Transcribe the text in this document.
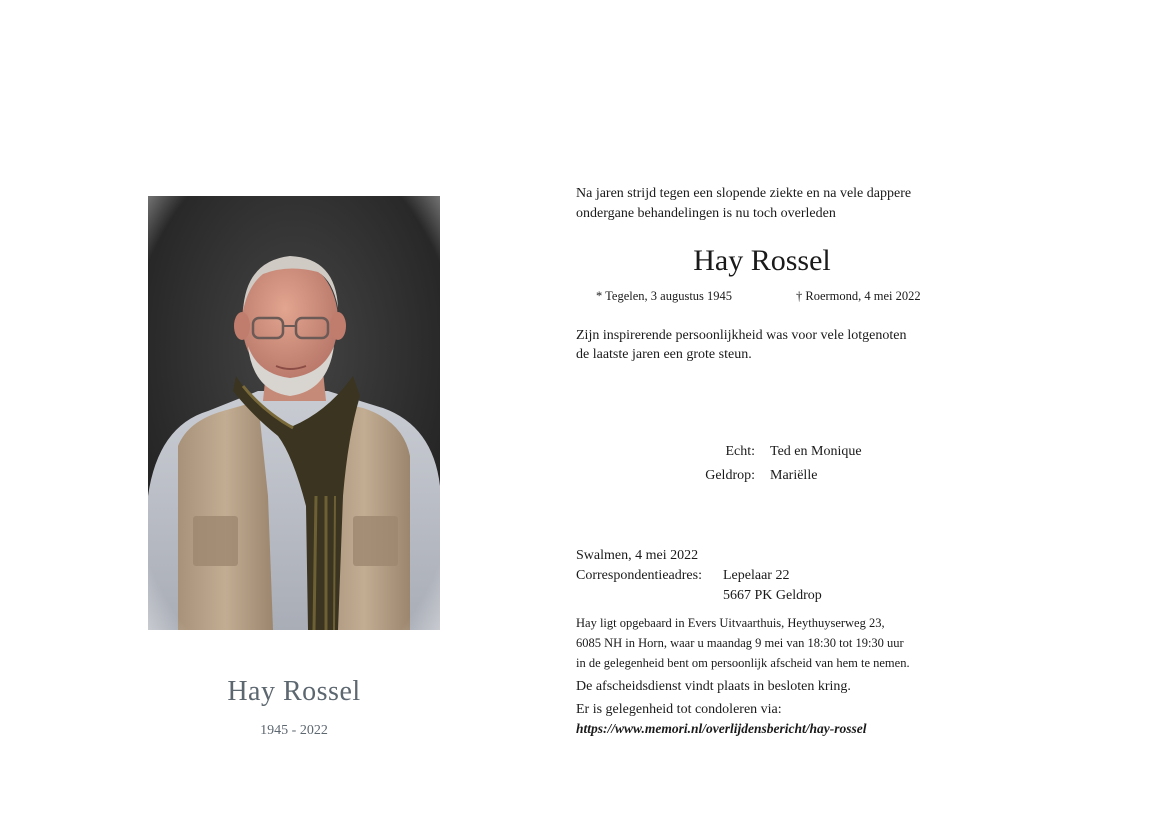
Hay Rossel
1945 - 2022
Na jaren strijd tegen een slopende ziekte en na vele dappere
ondergane behandelingen is nu toch overleden
Hay Rossel
* Tegelen, 3 augustus 1945	† Roermond, 4 mei 2022
Zijn inspirerende persoonlijkheid was voor vele lotgenoten
de laatste jaren een grote steun.
Echt: Ted en Monique
Geldrop: Mariëlle
Swalmen, 4 mei 2022
Correspondentieadres: Lepelaar 22
5667 PK Geldrop
Hay ligt opgebaard in Evers Uitvaarthuis, Heythuyserweg 23,
6085 NH in Horn, waar u maandag 9 mei van 18:30 tot 19:30 uur
in de gelegenheid bent om persoonlijk afscheid van hem te nemen.
De afscheidsdienst vindt plaats in besloten kring.
Er is gelegenheid tot condoleren via:
https://www.memori.nl/overlijdensbericht/hay-rossel
